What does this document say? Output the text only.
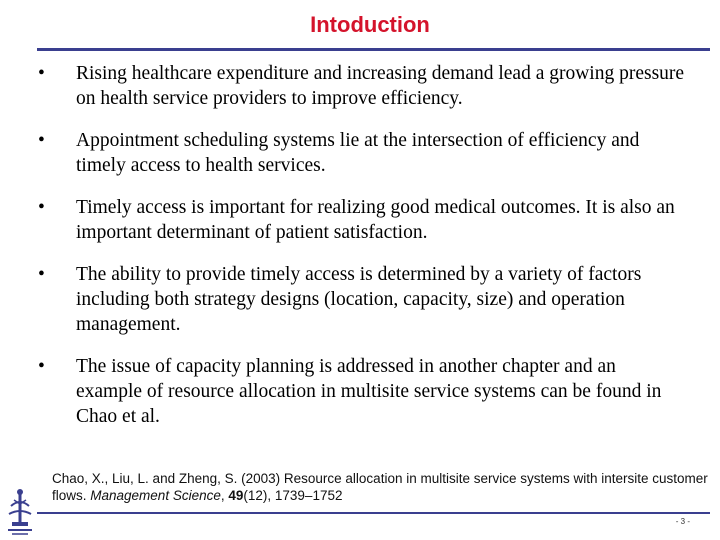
Intoduction
• Rising healthcare expenditure and increasing demand lead a growing pressure on health service providers to improve efficiency.
• Appointment scheduling systems lie at the intersection of efficiency and timely access to health services.
• Timely access is important for realizing good medical outcomes. It is also an important determinant of patient satisfaction.
• The ability to provide timely access is determined by a variety of factors including both strategy designs (location, capacity, size) and operation management.
• The issue of capacity planning is addressed in another chapter and an example of resource allocation in multisite service systems can be found in Chao et al.
Chao, X., Liu, L. and Zheng, S. (2003) Resource allocation in multisite service systems with intersite customer flows. Management Science, 49(12), 1739–1752
- 3 -
